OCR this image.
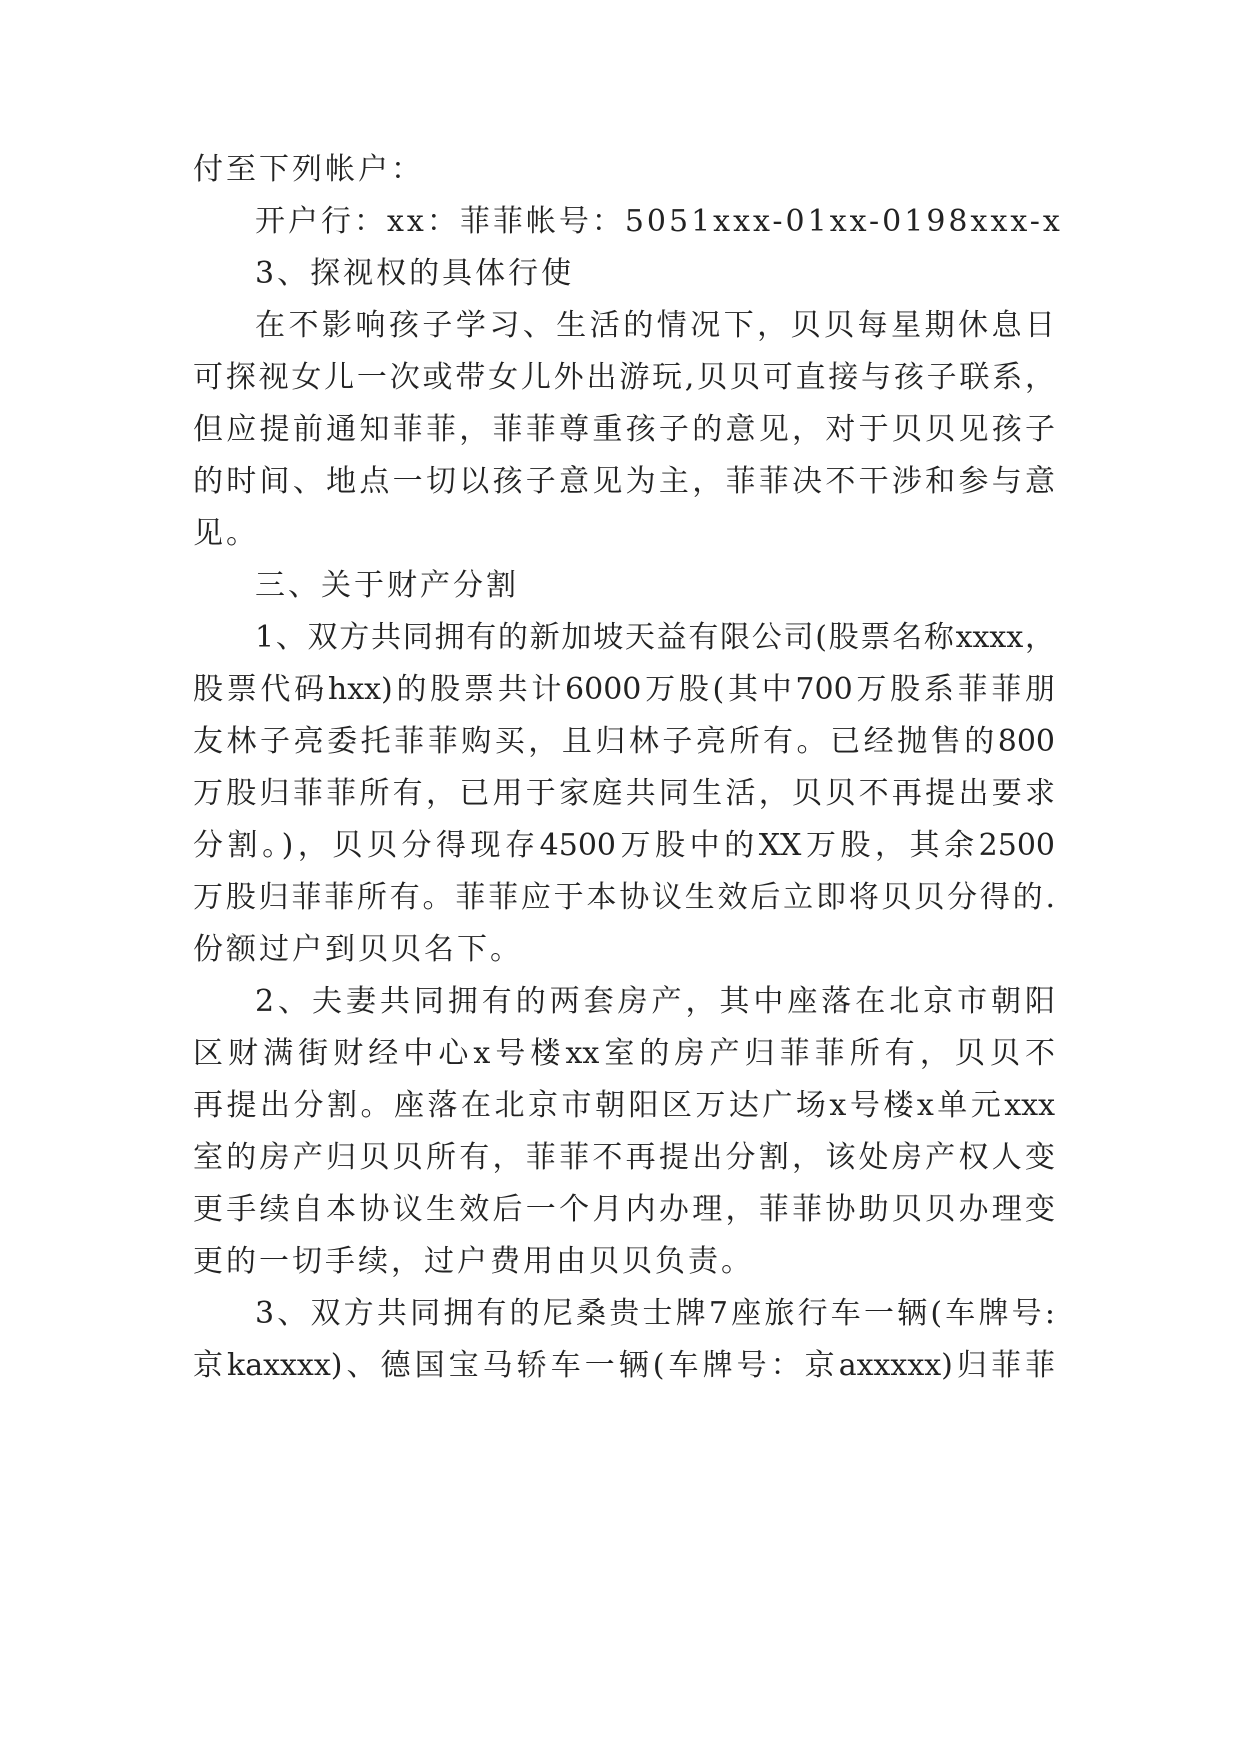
付至下列帐户：
开户行：xx：菲菲帐号：5051xxx-01xx-0198xxx-x
3、探视权的具体行使
在不影响孩子学习、生活的情况下，贝贝每星期休息日
可探视女儿一次或带女儿外出游玩,贝贝可直接与孩子联系，
但应提前通知菲菲，菲菲尊重孩子的意见，对于贝贝见孩子
的时间、地点一切以孩子意见为主，菲菲决不干涉和参与意
见。
三、关于财产分割
1、双方共同拥有的新加坡天益有限公司(股票名称xxxx，
股票代码hxx)的股票共计6000万股(其中700万股系菲菲朋
友林子亮委托菲菲购买，且归林子亮所有。已经抛售的800
万股归菲菲所有，已用于家庭共同生活，贝贝不再提出要求
分割。)，贝贝分得现存4500万股中的XX万股，其余2500
万股归菲菲所有。菲菲应于本协议生效后立即将贝贝分得的.
份额过户到贝贝名下。
2、夫妻共同拥有的两套房产，其中座落在北京市朝阳
区财满街财经中心x号楼xx室的房产归菲菲所有，贝贝不
再提出分割。座落在北京市朝阳区万达广场x号楼x单元xxx
室的房产归贝贝所有，菲菲不再提出分割，该处房产权人变
更手续自本协议生效后一个月内办理，菲菲协助贝贝办理变
更的一切手续，过户费用由贝贝负责。
3、双方共同拥有的尼桑贵士牌7座旅行车一辆(车牌号:
京kaxxxx)、德国宝马轿车一辆(车牌号：京axxxxx)归菲菲
